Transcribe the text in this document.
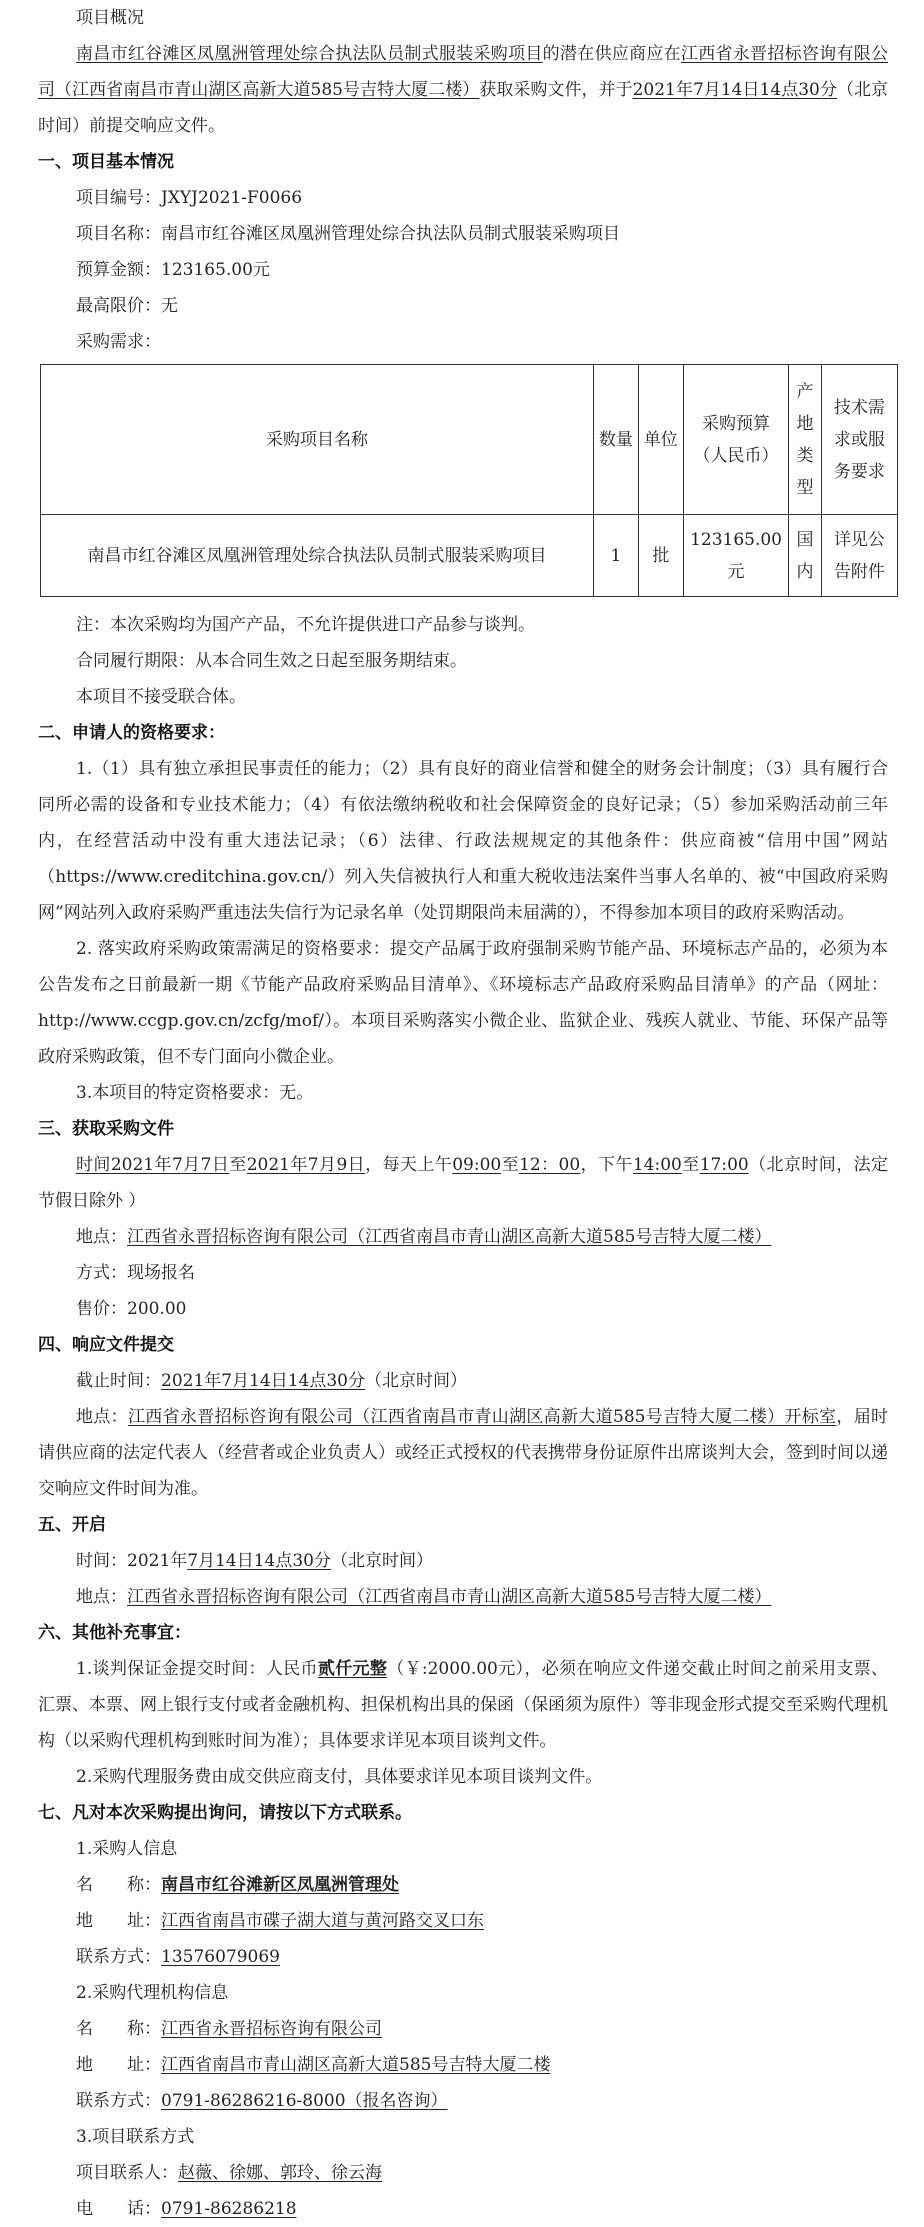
项目概况

南昌市红谷滩区凤凰洲管理处综合执法队员制式服装采购项目的潜在供应商应在江西省永晋招标咨询有限公司（江西省南昌市青山湖区高新大道585号吉特大厦二楼）获取采购文件，并于2021年7月14日14点30分（北京时间）前提交响应文件。

一、项目基本情况

项目编号：JXYJ2021-F0066

项目名称：南昌市红谷滩区凤凰洲管理处综合执法队员制式服装采购项目

预算金额：123165.00元

最高限价：无

采购需求：

采购项目名称	数量	单位	采购预算（人民币）	产地类型	技术需求或服务要求
南昌市红谷滩区凤凰洲管理处综合执法队员制式服装采购项目	1	批	123165.00元	国内	详见公告附件

注：本次采购均为国产产品，不允许提供进口产品参与谈判。

合同履行期限：从本合同生效之日起至服务期结束。

本项目不接受联合体。

二、申请人的资格要求：

1.（1）具有独立承担民事责任的能力；（2）具有良好的商业信誉和健全的财务会计制度；（3）具有履行合同所必需的设备和专业技术能力；（4）有依法缴纳税收和社会保障资金的良好记录；（5）参加采购活动前三年内，在经营活动中没有重大违法记录；（6）法律、行政法规规定的其他条件：供应商被“信用中国”网站（https://www.creditchina.gov.cn/）列入失信被执行人和重大税收违法案件当事人名单的、被“中国政府采购网”网站列入政府采购严重违法失信行为记录名单（处罚期限尚未届满的），不得参加本项目的政府采购活动。

2. 落实政府采购政策需满足的资格要求：提交产品属于政府强制采购节能产品、环境标志产品的，必须为本公告发布之日前最新一期《节能产品政府采购品目清单》、《环境标志产品政府采购品目清单》的产品（网址：http://www.ccgp.gov.cn/zcfg/mof/）。本项目采购落实小微企业、监狱企业、残疾人就业、节能、环保产品等政府采购政策，但不专门面向小微企业。

3.本项目的特定资格要求：无。

三、获取采购文件

时间2021年7月7日至2021年7月9日，每天上午09:00至12：00，下午14:00至17:00（北京时间，法定节假日除外 ）

地点：江西省永晋招标咨询有限公司（江西省南昌市青山湖区高新大道585号吉特大厦二楼）

方式：现场报名

售价：200.00

四、响应文件提交

截止时间：2021年7月14日14点30分（北京时间）

地点：江西省永晋招标咨询有限公司（江西省南昌市青山湖区高新大道585号吉特大厦二楼）开标室，届时请供应商的法定代表人（经营者或企业负责人）或经正式授权的代表携带身份证原件出席谈判大会，签到时间以递交响应文件时间为准。

五、开启

时间：2021年7月14日14点30分（北京时间）

地点：江西省永晋招标咨询有限公司（江西省南昌市青山湖区高新大道585号吉特大厦二楼）

六、其他补充事宜：

1.谈判保证金提交时间：人民币贰仟元整（￥:2000.00元），必须在响应文件递交截止时间之前采用支票、汇票、本票、网上银行支付或者金融机构、担保机构出具的保函（保函须为原件）等非现金形式提交至采购代理机构（以采购代理机构到账时间为准）；具体要求详见本项目谈判文件。

2.采购代理服务费由成交供应商支付，具体要求详见本项目谈判文件。

七、凡对本次采购提出询问，请按以下方式联系。

1.采购人信息

名　　称：南昌市红谷滩新区凤凰洲管理处

地　　址：江西省南昌市碟子湖大道与黄河路交叉口东

联系方式：13576079069

2.采购代理机构信息

名　　称：江西省永晋招标咨询有限公司

地　　址：江西省南昌市青山湖区高新大道585号吉特大厦二楼

联系方式：0791-86286216-8000（报名咨询）

3.项目联系方式

项目联系人：赵薇、徐娜、郭玲、徐云海

电　　话：0791-86286218
